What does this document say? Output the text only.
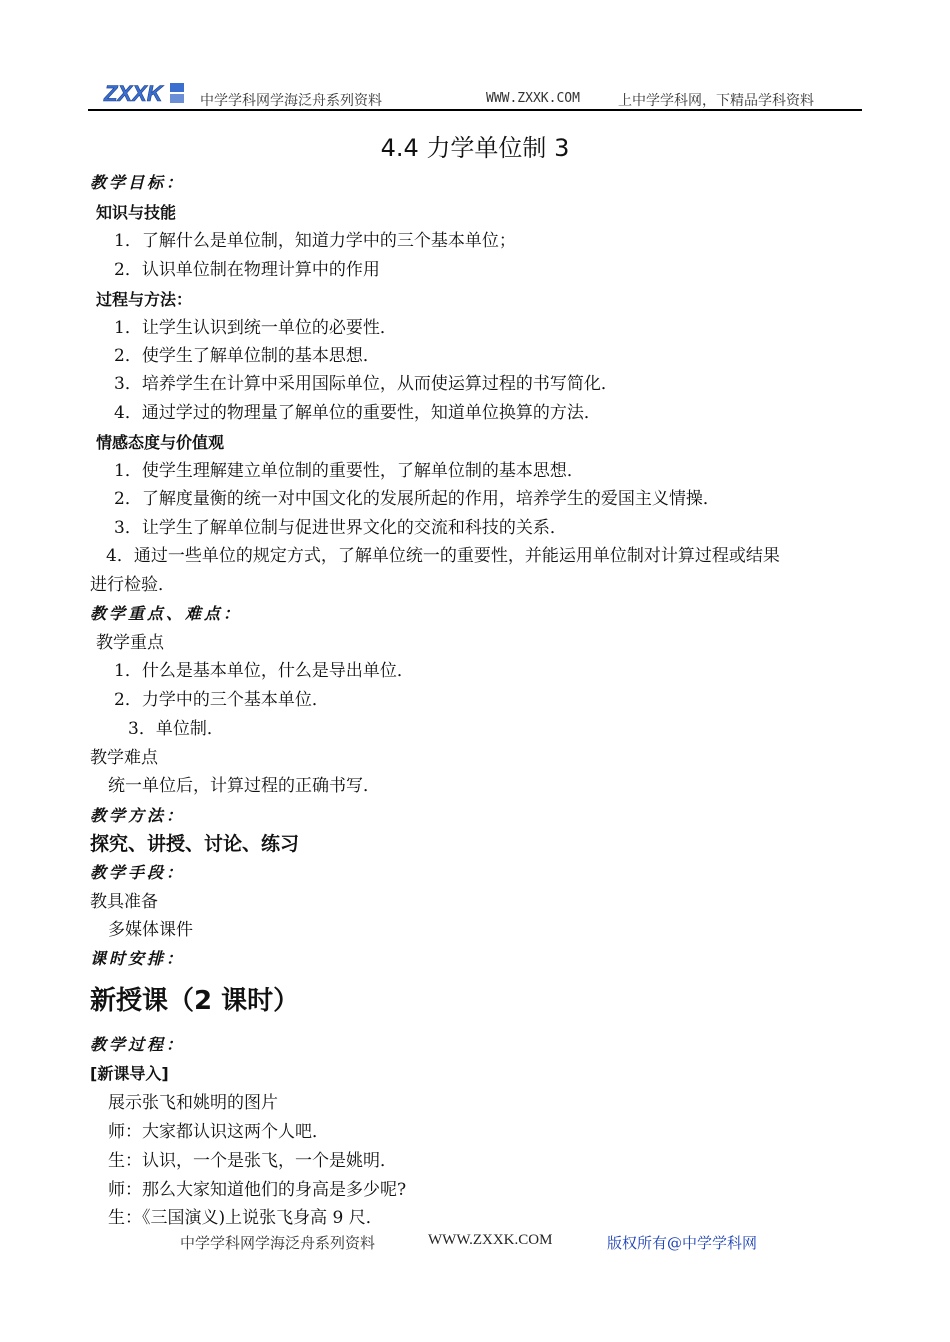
ZXXK	中学学科网学海泛舟系列资料	WWW.ZXXK.COM	上中学学科网，下精品学科资料
4.4 力学单位制 3
教学目标：
知识与技能
1．了解什么是单位制，知道力学中的三个基本单位；
2．认识单位制在物理计算中的作用
过程与方法：
1．让学生认识到统一单位的必要性．
2．使学生了解单位制的基本思想．
3．培养学生在计算中采用国际单位，从而使运算过程的书写简化．
4．通过学过的物理量了解单位的重要性，知道单位换算的方法．
情感态度与价值观
1．使学生理解建立单位制的重要性，了解单位制的基本思想．
2．了解度量衡的统一对中国文化的发展所起的作用，培养学生的爱国主义情操．
3．让学生了解单位制与促进世界文化的交流和科技的关系．
4．通过一些单位的规定方式，了解单位统一的重要性，并能运用单位制对计算过程或结果
进行检验．
教学重点、难点：
教学重点
1．什么是基本单位，什么是导出单位．
2．力学中的三个基本单位．
3．单位制．
教学难点
统一单位后，计算过程的正确书写．
教学方法：
探究、讲授、讨论、练习
教学手段：
教具准备
多媒体课件
课时安排：
新授课（2 课时）
教学过程：
[新课导入]
展示张飞和姚明的图片
师：大家都认识这两个人吧．
生：认识，一个是张飞，一个是姚明．
师：那么大家知道他们的身高是多少呢?
生：《三国演义)上说张飞身高 9 尺．
中学学科网学海泛舟系列资料	WWW.ZXXK.COM	版权所有@中学学科网
